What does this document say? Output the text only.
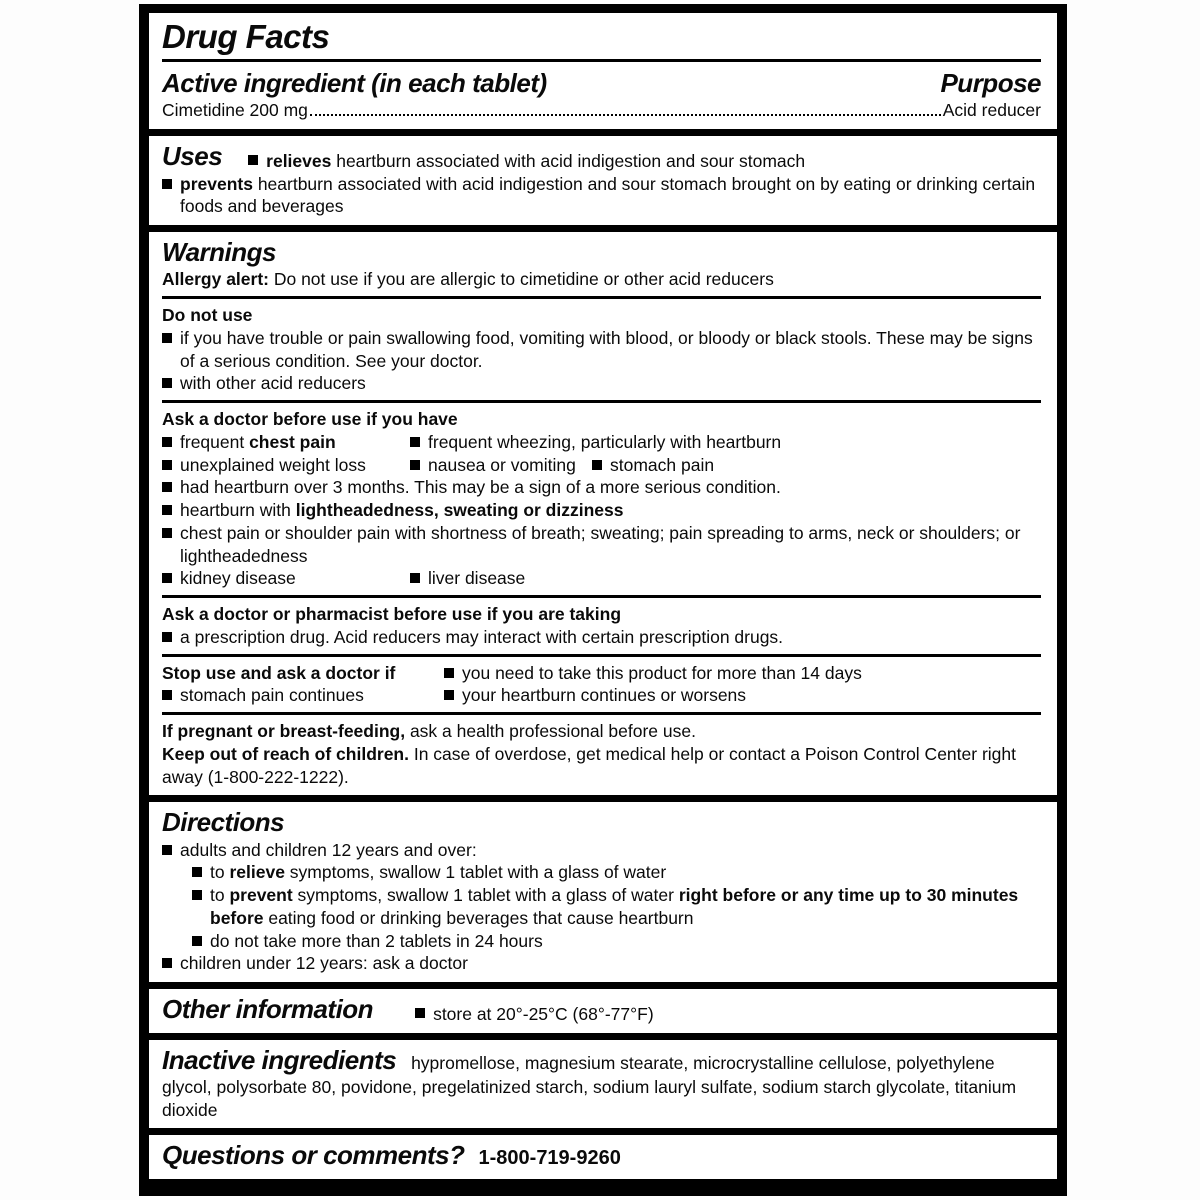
Drug Facts
Active ingredient (in each tablet)	Purpose
Cimetidine 200 mg	Acid reducer
Uses	relieves heartburn associated with acid indigestion and sour stomach
prevents heartburn associated with acid indigestion and sour stomach brought on by eating or drinking certain foods and beverages
Warnings
Allergy alert: Do not use if you are allergic to cimetidine or other acid reducers
Do not use
if you have trouble or pain swallowing food, vomiting with blood, or bloody or black stools. These may be signs of a serious condition. See your doctor.
with other acid reducers
Ask a doctor before use if you have
frequent chest pain	frequent wheezing, particularly with heartburn
unexplained weight loss	nausea or vomiting	stomach pain
had heartburn over 3 months. This may be a sign of a more serious condition.
heartburn with lightheadedness, sweating or dizziness
chest pain or shoulder pain with shortness of breath; sweating; pain spreading to arms, neck or shoulders; or lightheadedness
kidney disease	liver disease
Ask a doctor or pharmacist before use if you are taking
a prescription drug. Acid reducers may interact with certain prescription drugs.
Stop use and ask a doctor if	you need to take this product for more than 14 days
stomach pain continues	your heartburn continues or worsens
If pregnant or breast-feeding, ask a health professional before use.
Keep out of reach of children. In case of overdose, get medical help or contact a Poison Control Center right away (1-800-222-1222).
Directions
adults and children 12 years and over:
to relieve symptoms, swallow 1 tablet with a glass of water
to prevent symptoms, swallow 1 tablet with a glass of water right before or any time up to 30 minutes before eating food or drinking beverages that cause heartburn
do not take more than 2 tablets in 24 hours
children under 12 years: ask a doctor
Other information	store at 20°-25°C (68°-77°F)

Inactive ingredients hypromellose, magnesium stearate, microcrystalline cellulose, polyethylene glycol, polysorbate 80, povidone, pregelatinized starch, sodium lauryl sulfate, sodium starch glycolate, titanium dioxide

Questions or comments? 1-800-719-9260
